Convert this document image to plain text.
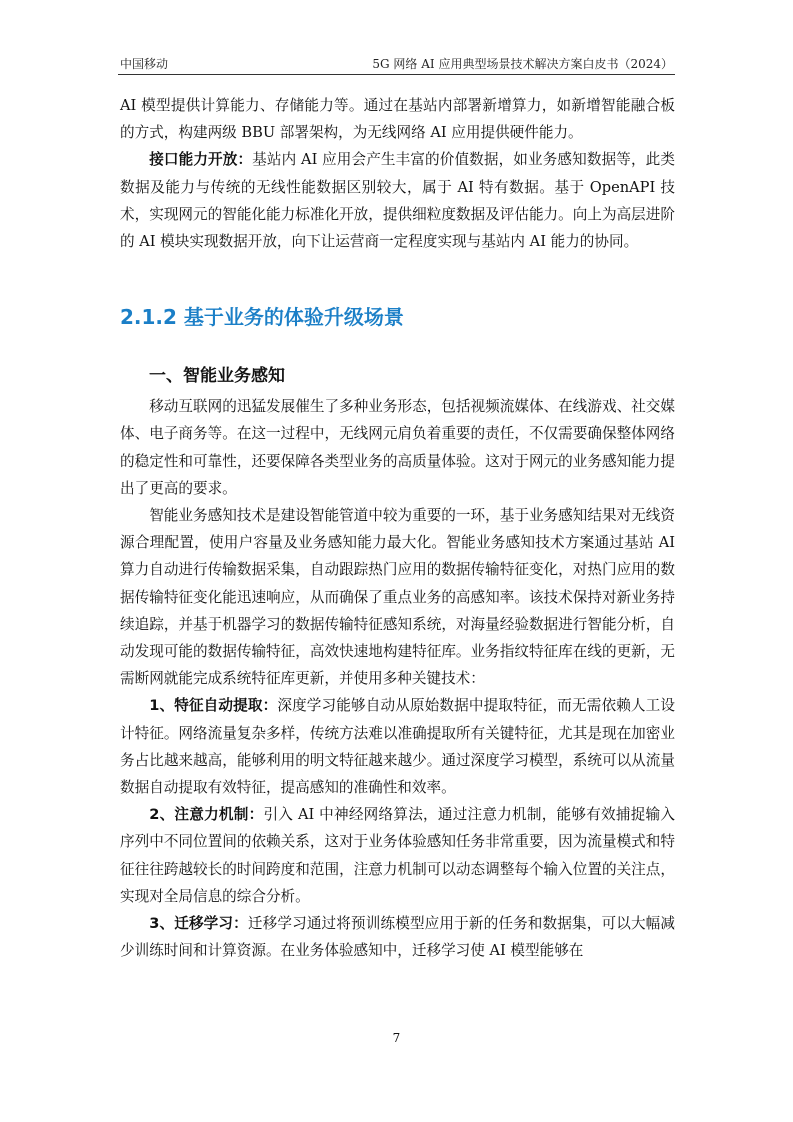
中国移动	5G 网络 AI 应用典型场景技术解决方案白皮书（2024）

AI 模型提供计算能力、存储能力等。通过在基站内部署新增算力，如新增智能融合板的方式，构建两级 BBU 部署架构，为无线网络 AI 应用提供硬件能力。

接口能力开放：基站内 AI 应用会产生丰富的价值数据，如业务感知数据等，此类数据及能力与传统的无线性能数据区别较大，属于 AI 特有数据。基于 OpenAPI 技术，实现网元的智能化能力标准化开放，提供细粒度数据及评估能力。向上为高层进阶的 AI 模块实现数据开放，向下让运营商一定程度实现与基站内 AI 能力的协同。

2.1.2 基于业务的体验升级场景
一、智能业务感知

移动互联网的迅猛发展催生了多种业务形态，包括视频流媒体、在线游戏、社交媒体、电子商务等。在这一过程中，无线网元肩负着重要的责任，不仅需要确保整体网络的稳定性和可靠性，还要保障各类型业务的高质量体验。这对于网元的业务感知能力提出了更高的要求。

智能业务感知技术是建设智能管道中较为重要的一环，基于业务感知结果对无线资源合理配置，使用户容量及业务感知能力最大化。智能业务感知技术方案通过基站 AI 算力自动进行传输数据采集，自动跟踪热门应用的数据传输特征变化，对热门应用的数据传输特征变化能迅速响应，从而确保了重点业务的高感知率。该技术保持对新业务持续追踪，并基于机器学习的数据传输特征感知系统，对海量经验数据进行智能分析，自动发现可能的数据传输特征，高效快速地构建特征库。业务指纹特征库在线的更新，无需断网就能完成系统特征库更新，并使用多种关键技术：

1、特征自动提取：深度学习能够自动从原始数据中提取特征，而无需依赖人工设计特征。网络流量复杂多样，传统方法难以准确提取所有关键特征，尤其是现在加密业务占比越来越高，能够利用的明文特征越来越少。通过深度学习模型，系统可以从流量数据自动提取有效特征，提高感知的准确性和效率。

2、注意力机制：引入 AI 中神经网络算法，通过注意力机制，能够有效捕捉输入序列中不同位置间的依赖关系，这对于业务体验感知任务非常重要，因为流量模式和特征往往跨越较长的时间跨度和范围，注意力机制可以动态调整每个输入位置的关注点，实现对全局信息的综合分析。

3、迁移学习：迁移学习通过将预训练模型应用于新的任务和数据集，可以大幅减少训练时间和计算资源。在业务体验感知中，迁移学习使 AI 模型能够在

7
